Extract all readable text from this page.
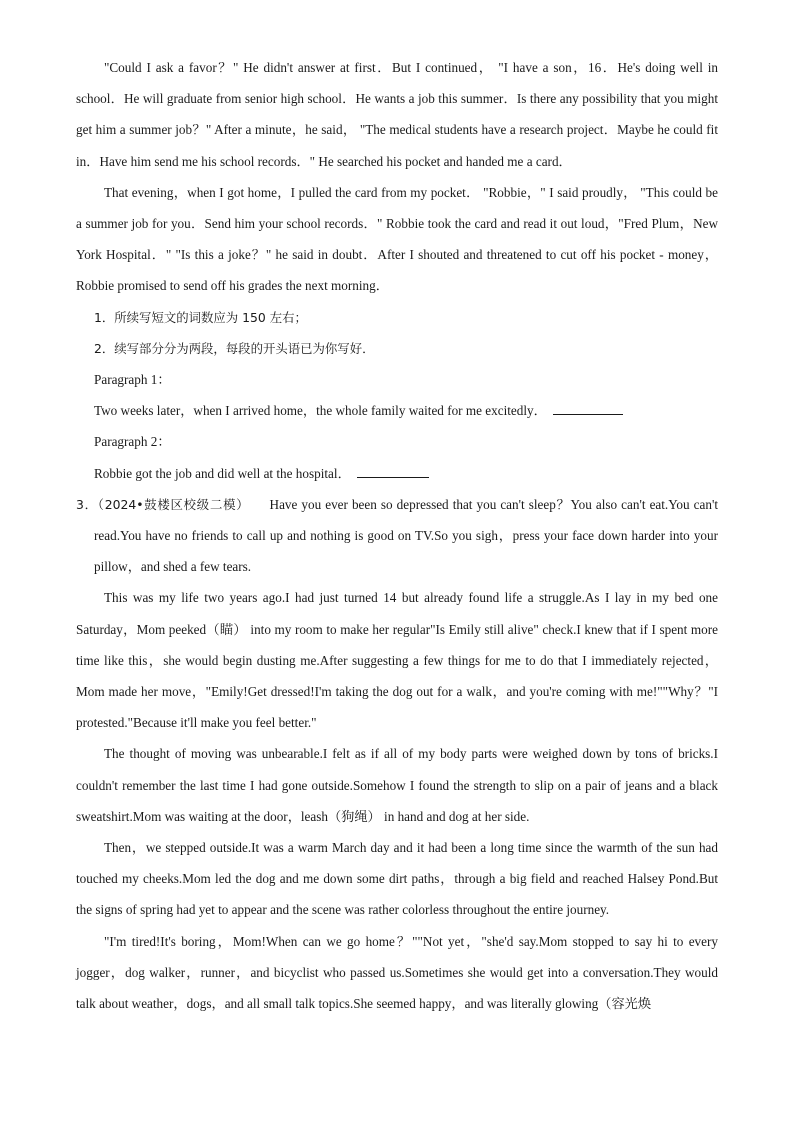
"Could I ask a favor？" He didn't answer at first．But I continued， "I have a son，16．He's doing well in school．He will graduate from senior high school．He wants a job this summer．Is there any possibility that you might get him a summer job？" After a minute，he said， "The medical students have a research project．Maybe he could fit in．Have him send me his school records．" He searched his pocket and handed me a card．

That evening，when I got home，I pulled the card from my pocket． "Robbie，" I said proudly， "This could be a summer job for you．Send him your school records．" Robbie took the card and read it out loud，"Fred Plum，New York Hospital．" "Is this a joke？" he said in doubt．After I shouted and threatened to cut off his pocket - money，Robbie promised to send off his grades the next morning．

1．所续写短文的词数应为 150 左右；

2．续写部分分为两段，每段的开头语已为你写好．

Paragraph 1：

Two weeks later，when I arrived home，the whole family waited for me excitedly．

Paragraph 2：

Robbie got the job and did well at the hospital．

3．（2024•鼓楼区校级二模） Have you ever been so depressed that you can't sleep？You also can't eat.You can't read.You have no friends to call up and nothing is good on TV.So you sigh，press your face down harder into your pillow，and shed a few tears.

This was my life two years ago.I had just turned 14 but already found life a struggle.As I lay in my bed one Saturday，Mom peeked（瞄） into my room to make her regular"Is Emily still alive" check.I knew that if I spent more time like this，she would begin dusting me.After suggesting a few things for me to do that I immediately rejected，Mom made her move，"Emily!Get dressed!I'm taking the dog out for a walk，and you're coming with me!""Why？"I protested."Because it'll make you feel better."

The thought of moving was unbearable.I felt as if all of my body parts were weighed down by tons of bricks.I couldn't remember the last time I had gone outside.Somehow I found the strength to slip on a pair of jeans and a black sweatshirt.Mom was waiting at the door，leash（狗绳） in hand and dog at her side.

Then，we stepped outside.It was a warm March day and it had been a long time since the warmth of the sun had touched my cheeks.Mom led the dog and me down some dirt paths，through a big field and reached Halsey Pond.But the signs of spring had yet to appear and the scene was rather colorless throughout the entire journey.

"I'm tired!It's boring，Mom!When can we go home？""Not yet，"she'd say.Mom stopped to say hi to every jogger，dog walker，runner，and bicyclist who passed us.Sometimes she would get into a conversation.They would talk about weather，dogs，and all small talk topics.She seemed happy，and was literally glowing（容光焕
